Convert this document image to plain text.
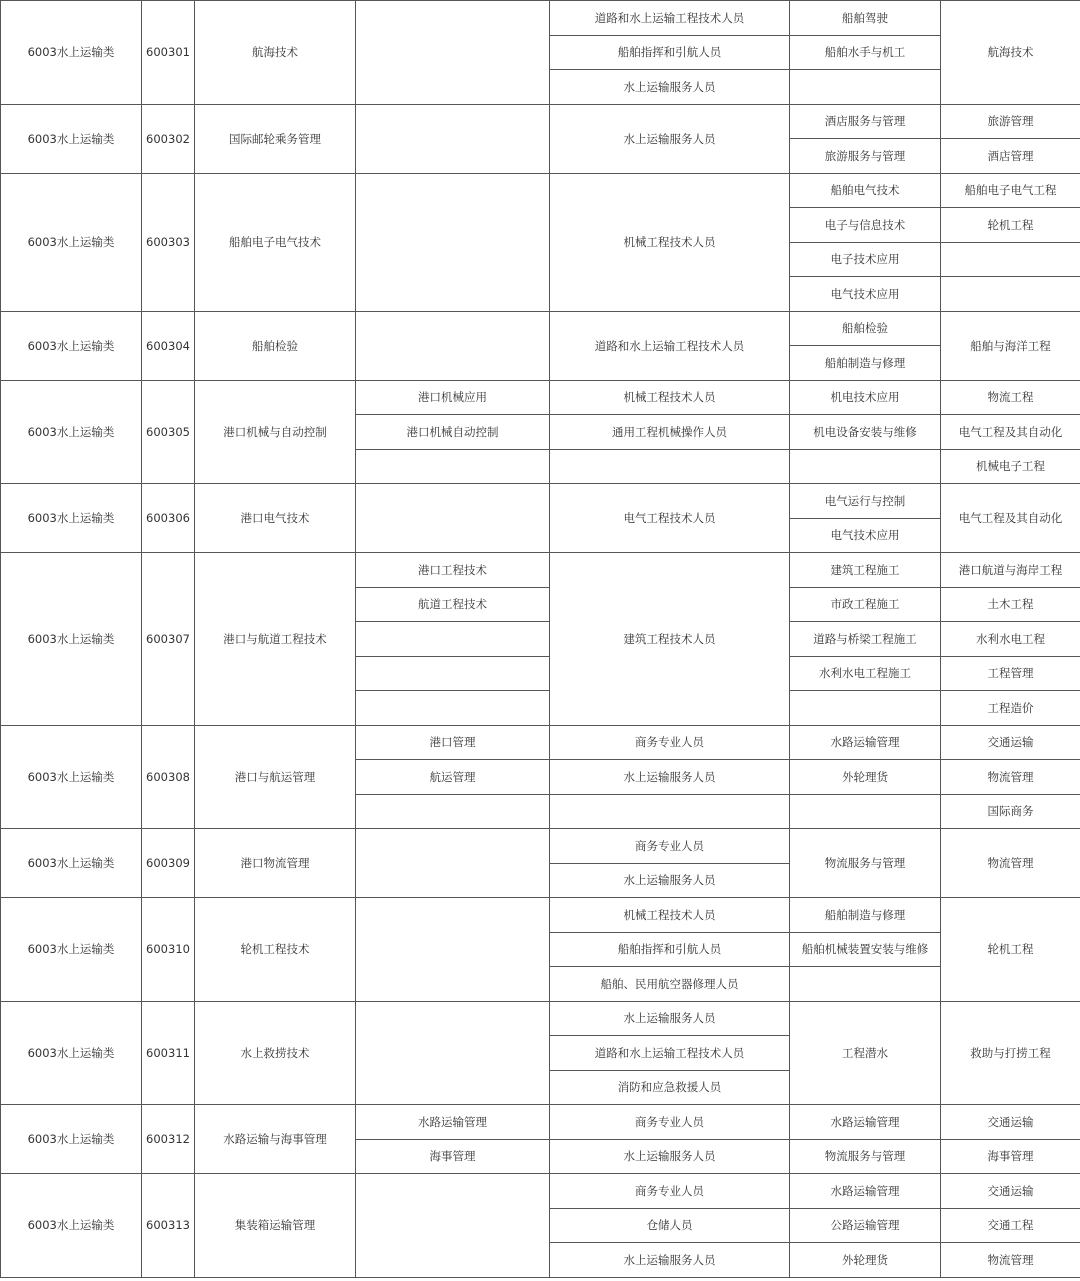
6003水上运输类	600301	航海技术		道路和水上运输工程技术人员	船舶驾驶	航海技术
				船舶指挥和引航人员	船舶水手与机工	
				水上运输服务人员		
6003水上运输类	600302	国际邮轮乘务管理		水上运输服务人员	酒店服务与管理	旅游管理
					旅游服务与管理	酒店管理
6003水上运输类	600303	船舶电子电气技术		机械工程技术人员	船舶电气技术	船舶电子电气工程
					电子与信息技术	轮机工程
					电子技术应用	
					电气技术应用	
6003水上运输类	600304	船舶检验		道路和水上运输工程技术人员	船舶检验	船舶与海洋工程
					船舶制造与修理	
6003水上运输类	600305	港口机械与自动控制	港口机械应用	机械工程技术人员	机电技术应用	物流工程
			港口机械自动控制	通用工程机械操作人员	机电设备安装与维修	电气工程及其自动化
						机械电子工程
6003水上运输类	600306	港口电气技术		电气工程技术人员	电气运行与控制	电气工程及其自动化
					电气技术应用	
6003水上运输类	600307	港口与航道工程技术	港口工程技术	建筑工程技术人员	建筑工程施工	港口航道与海岸工程
			航道工程技术		市政工程施工	土木工程
					道路与桥梁工程施工	水利水电工程
					水利水电工程施工	工程管理
						工程造价
6003水上运输类	600308	港口与航运管理	港口管理	商务专业人员	水路运输管理	交通运输
			航运管理	水上运输服务人员	外轮理货	物流管理
						国际商务
6003水上运输类	600309	港口物流管理		商务专业人员	物流服务与管理	物流管理
				水上运输服务人员		
6003水上运输类	600310	轮机工程技术		机械工程技术人员	船舶制造与修理	轮机工程
				船舶指挥和引航人员	船舶机械装置安装与维修	
				船舶、民用航空器修理人员		
6003水上运输类	600311	水上救捞技术		水上运输服务人员	工程潜水	救助与打捞工程
				道路和水上运输工程技术人员		
				消防和应急救援人员		
6003水上运输类	600312	水路运输与海事管理	水路运输管理	商务专业人员	水路运输管理	交通运输
			海事管理	水上运输服务人员	物流服务与管理	海事管理
6003水上运输类	600313	集装箱运输管理		商务专业人员	水路运输管理	交通运输
				仓储人员	公路运输管理	交通工程
				水上运输服务人员	外轮理货	物流管理
